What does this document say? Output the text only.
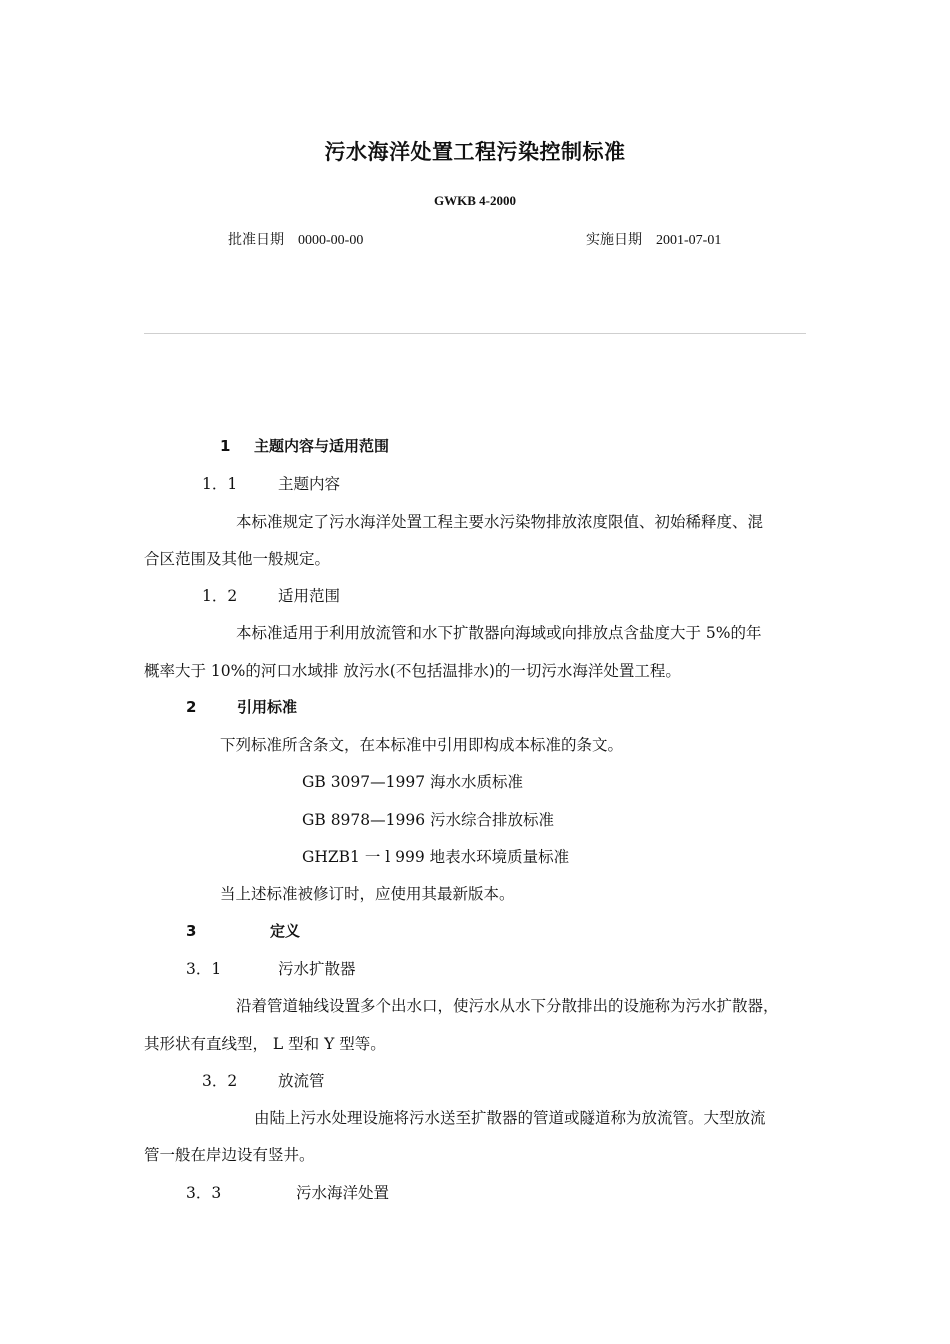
污水海洋处置工程污染控制标准
GWKB 4-2000
批准日期 0000-00-00	实施日期 2001-07-01
1 主题内容与适用范围
1．1	主题内容
本标准规定了污水海洋处置工程主要水污染物排放浓度限值、初始稀释度、混
合区范围及其他一般规定。
1．2	适用范围
本标准适用于利用放流管和水下扩散器向海域或向排放点含盐度大于 5%的年
概率大于 10%的河口水域排 放污水(不包括温排水)的一切污水海洋处置工程。
2	引用标准
下列标准所含条文，在本标准中引用即构成本标准的条文。
GB 3097—1997 海水水质标准
GB 8978—1996 污水综合排放标准
GHZB1 一 l 999 地表水环境质量标准
当上述标准被修订时，应使用其最新版本。
3	定义
3．1	污水扩散器
沿着管道轴线设置多个出水口，使污水从水下分散排出的设施称为污水扩散器，
其形状有直线型， L 型和 Y 型等。
3．2	放流管
由陆上污水处理设施将污水送至扩散器的管道或隧道称为放流管。大型放流
管一般在岸边设有竖井。
3．3	污水海洋处置
